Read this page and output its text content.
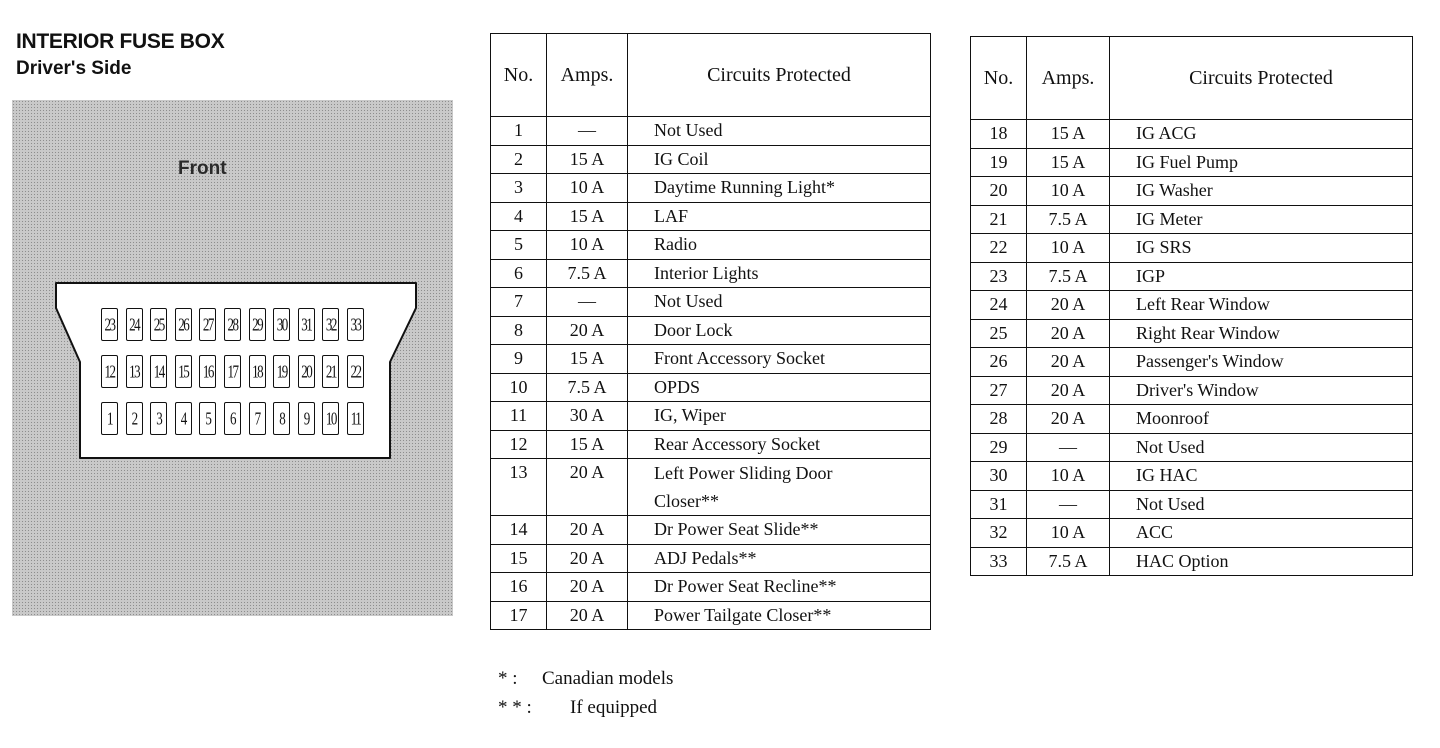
INTERIOR FUSE BOX
Driver's Side
Front
23 24 25 26 27 28 29 30 31 32 33
12 13 14 15 16 17 18 19 20 21 22
1 2 3 4 5 6 7 8 9 10 11
No.	Amps.	Circuits Protected
1	—	Not Used
2	15 A	IG Coil
3	10 A	Daytime Running Light*
4	15 A	LAF
5	10 A	Radio
6	7.5 A	Interior Lights
7	—	Not Used
8	20 A	Door Lock
9	15 A	Front Accessory Socket
10	7.5 A	OPDS
11	30 A	IG, Wiper
12	15 A	Rear Accessory Socket
13	20 A	Left Power Sliding Door
Closer**

14	20 A	Dr Power Seat Slide**
15	20 A	ADJ Pedals**
16	20 A	Dr Power Seat Recline**
17	20 A	Power Tailgate Closer**
No.	Amps.	Circuits Protected
18	15 A	IG ACG
19	15 A	IG Fuel Pump
20	10 A	IG Washer
21	7.5 A	IG Meter
22	10 A	IG SRS
23	7.5 A	IGP
24	20 A	Left Rear Window
25	20 A	Right Rear Window
26	20 A	Passenger's Window
27	20 A	Driver's Window
28	20 A	Moonroof
29	—	Not Used
30	10 A	IG HAC
31	—	Not Used
32	10 A	ACC
33	7.5 A	HAC Option
* : Canadian models
* * : If equipped
